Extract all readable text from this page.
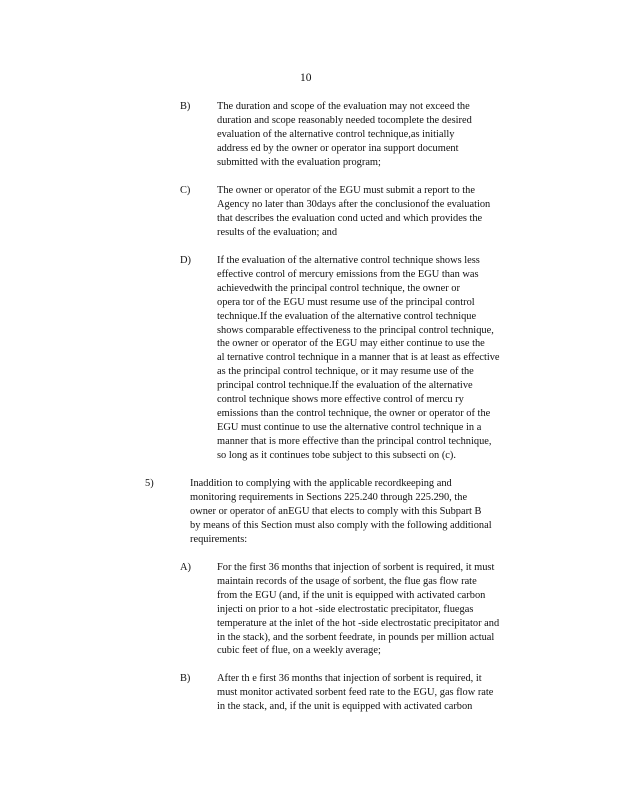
10
B)	The duration and scope of the evaluation may not exceed the
duration and scope reasonably needed tocomplete the desired
evaluation of the alternative control technique,as initially
address ed by the owner or operator ina support document
submitted with the evaluation program;
C)	The owner or operator of the EGU must submit a report to the
Agency no later than 30days after the conclusionof the evaluation
that describes the evaluation cond ucted and which provides the
results of the evaluation; and
D)	If the evaluation of the alternative control technique shows less
effective control of mercury emissions from the EGU than was
achievedwith the principal control technique, the owner or
opera tor of the EGU must resume use of the principal control
technique.If the evaluation of the alternative control technique
shows comparable effectiveness to the principal control technique,
the owner or operator of the EGU may either continue to use the
al ternative control technique in a manner that is at least as effective
as the principal control technique, or it may resume use of the
principal control technique.If the evaluation of the alternative
control technique shows more effective control of mercu ry
emissions than the control technique, the owner or operator of the
EGU must continue to use the alternative control technique in a
manner that is more effective than the principal control technique,
so long as it continues tobe subject to this subsecti on (c).
5)	Inaddition to complying with the applicable recordkeeping and
monitoring requirements in Sections 225.240 through 225.290, the
owner or operator of anEGU that elects to comply with this Subpart B
by means of this Section must also comply with the following additional
requirements:
A)	For the first 36 months that injection of sorbent is required, it must
maintain records of the usage of sorbent, the flue gas flow rate
from the EGU (and, if the unit is equipped with activated carbon
injecti on prior to a hot -side electrostatic precipitator, fluegas
temperature at the inlet of the hot -side electrostatic precipitator and
in the stack), and the sorbent feedrate, in pounds per million actual
cubic feet of flue, on a weekly average;
B)	After th e first 36 months that injection of sorbent is required, it
must monitor activated sorbent feed rate to the EGU, gas flow rate
in the stack, and, if the unit is equipped with activated carbon
